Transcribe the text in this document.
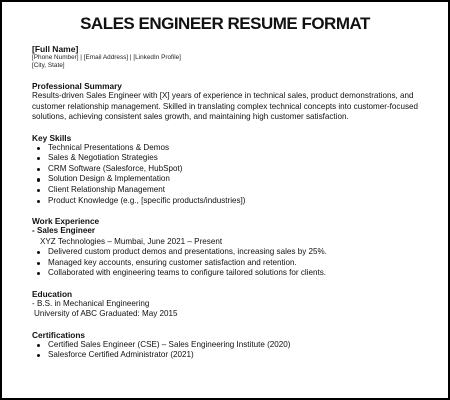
SALES ENGINEER RESUME FORMAT
[Full Name]
[Phone Number] | [Email Address] | [LinkedIn Profile]
[City, State]
Professional Summary

Results-driven Sales Engineer with [X] years of experience in technical sales, product demonstrations, and customer relationship management. Skilled in translating complex technical concepts into customer-focused solutions, achieving consistent sales growth, and maintaining high customer satisfaction.

Key Skills
Technical Presentations & Demos
Sales & Negotiation Strategies
CRM Software (Salesforce, HubSpot)
Solution Design & Implementation
Client Relationship Management
Product Knowledge (e.g., [specific products/industries])
Work Experience
- Sales Engineer
XYZ Technologies – Mumbai, June 2021 – Present
Delivered custom product demos and presentations, increasing sales by 25%.
Managed key accounts, ensuring customer satisfaction and retention.
Collaborated with engineering teams to configure tailored solutions for clients.
Education
- B.S. in Mechanical Engineering
University of ABC Graduated: May 2015
Certifications
Certified Sales Engineer (CSE) – Sales Engineering Institute (2020)
Salesforce Certified Administrator (2021)
